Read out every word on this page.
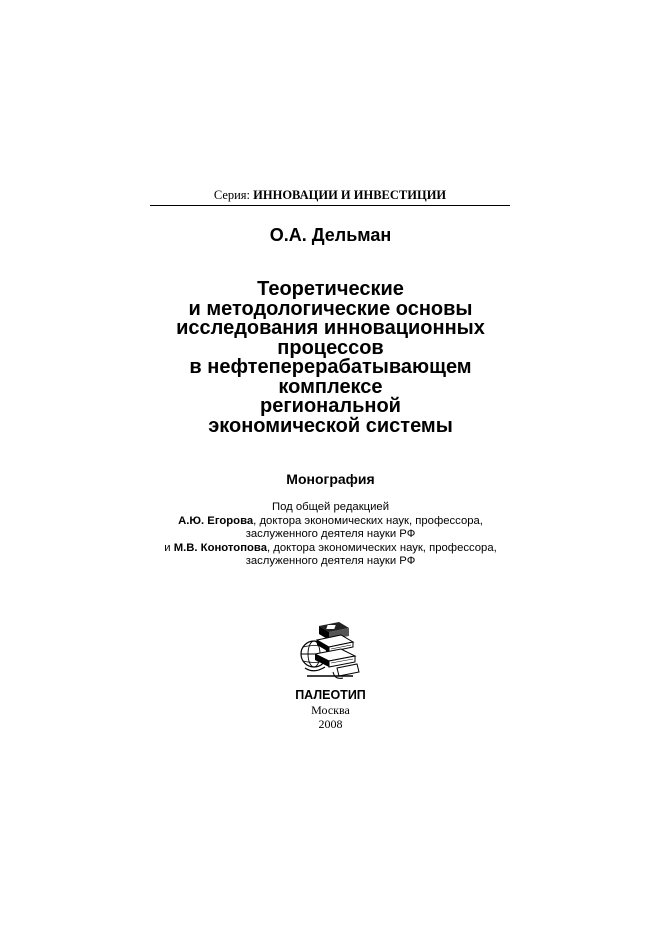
Серия: ИННОВАЦИИ И ИНВЕСТИЦИИ
О.А. Дельман
Теоретические
и методологические основы
исследования инновационных
процессов
в нефтеперерабатывающем
комплексе
региональной
экономической системы
Монография
Под общей редакцией
А.Ю. Егорова, доктора экономических наук, профессора,
заслуженного деятеля науки РФ
и М.В. Конотопова, доктора экономических наук, профессора,
заслуженного деятеля науки РФ
ПАЛЕОТИП
Москва
2008
